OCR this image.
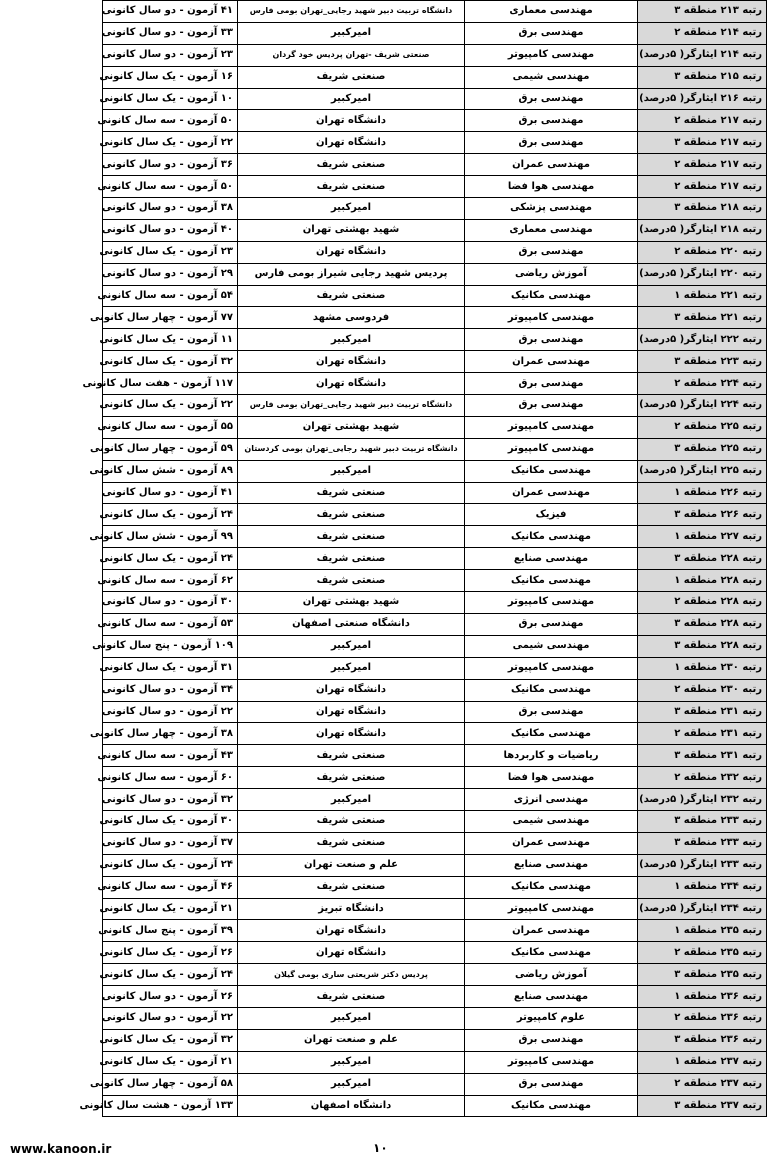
۴۱ آزمون - دو سال کانونی	دانشگاه تربیت دبیر شهید رجایی_تهران بومی فارس	مهندسی معماری	رتبه ۲۱۳ منطقه ۳
۳۳ آزمون - دو سال کانونی	امیرکبیر	مهندسی برق	رتبه ۲۱۴ منطقه ۲
۲۳ آزمون - دو سال کانونی	صنعتی شریف -تهران پردیس خود گردان	مهندسی کامپیوتر	رتبه ۲۱۴ ایثارگر( ۵درصد)
۱۶ آزمون - یک سال کانونی	صنعتی شریف	مهندسی شیمی	رتبه ۲۱۵ منطقه ۳
۱۰ آزمون - یک سال کانونی	امیرکبیر	مهندسی برق	رتبه ۲۱۶ ایثارگر( ۵درصد)
۵۰ آزمون - سه سال کانونی	دانشگاه تهران	مهندسی برق	رتبه ۲۱۷ منطقه ۲
۲۲ آزمون - یک سال کانونی	دانشگاه تهران	مهندسی برق	رتبه ۲۱۷ منطقه ۳
۳۶ آزمون - دو سال کانونی	صنعتی شریف	مهندسی عمران	رتبه ۲۱۷ منطقه ۲
۵۰ آزمون - سه سال کانونی	صنعتی شریف	مهندسی هوا فضا	رتبه ۲۱۷ منطقه ۲
۳۸ آزمون - دو سال کانونی	امیرکبیر	مهندسی پزشکی	رتبه ۲۱۸ منطقه ۳
۴۰ آزمون - دو سال کانونی	شهید بهشتی تهران	مهندسی معماری	رتبه ۲۱۸ ایثارگر( ۵درصد)
۲۳ آزمون - یک سال کانونی	دانشگاه تهران	مهندسی برق	رتبه ۲۲۰ منطقه ۲
۲۹ آزمون - دو سال کانونی	پردیس شهید رجایی شیراز بومی فارس	آموزش ریاضی	رتبه ۲۲۰ ایثارگر( ۵درصد)
۵۴ آزمون - سه سال کانونی	صنعتی شریف	مهندسی مکانیک	رتبه ۲۲۱ منطقه ۱
۷۷ آزمون - چهار سال کانونی	فردوسی مشهد	مهندسی کامپیوتر	رتبه ۲۲۱ منطقه ۳
۱۱ آزمون - یک سال کانونی	امیرکبیر	مهندسی برق	رتبه ۲۲۲ ایثارگر( ۵درصد)
۳۲ آزمون - یک سال کانونی	دانشگاه تهران	مهندسی عمران	رتبه ۲۲۳ منطقه ۳
۱۱۷ آزمون - هفت سال کانونی	دانشگاه تهران	مهندسی برق	رتبه ۲۲۴ منطقه ۲
۲۲ آزمون - یک سال کانونی	دانشگاه تربیت دبیر شهید رجایی_تهران بومی فارس	مهندسی برق	رتبه ۲۲۴ ایثارگر( ۵درصد)
۵۵ آزمون - سه سال کانونی	شهید بهشتی تهران	مهندسی کامپیوتر	رتبه ۲۲۵ منطقه ۲
۵۹ آزمون - چهار سال کانونی	دانشگاه تربیت دبیر شهید رجایی_تهران بومی کردستان	مهندسی کامپیوتر	رتبه ۲۲۵ منطقه ۳
۸۹ آزمون - شش سال کانونی	امیرکبیر	مهندسی مکانیک	رتبه ۲۲۵ ایثارگر( ۵درصد)
۴۱ آزمون - دو سال کانونی	صنعتی شریف	مهندسی عمران	رتبه ۲۲۶ منطقه ۱
۲۴ آزمون - یک سال کانونی	صنعتی شریف	فیزیک	رتبه ۲۲۶ منطقه ۳
۹۹ آزمون - شش سال کانونی	صنعتی شریف	مهندسی مکانیک	رتبه ۲۲۷ منطقه ۱
۲۴ آزمون - یک سال کانونی	صنعتی شریف	مهندسی صنایع	رتبه ۲۲۸ منطقه ۳
۶۲ آزمون - سه سال کانونی	صنعتی شریف	مهندسی مکانیک	رتبه ۲۲۸ منطقه ۱
۳۰ آزمون - دو سال کانونی	شهید بهشتی تهران	مهندسی کامپیوتر	رتبه ۲۲۸ منطقه ۲
۵۳ آزمون - سه سال کانونی	دانشگاه صنعتی اصفهان	مهندسی برق	رتبه ۲۲۸ منطقه ۳
۱۰۹ آزمون - پنج سال کانونی	امیرکبیر	مهندسی شیمی	رتبه ۲۲۸ منطقه ۳
۳۱ آزمون - یک سال کانونی	امیرکبیر	مهندسی کامپیوتر	رتبه ۲۳۰ منطقه ۱
۳۴ آزمون - دو سال کانونی	دانشگاه تهران	مهندسی مکانیک	رتبه ۲۳۰ منطقه ۲
۲۲ آزمون - دو سال کانونی	دانشگاه تهران	مهندسی برق	رتبه ۲۳۱ منطقه ۳
۳۸ آزمون - چهار سال کانونی	دانشگاه تهران	مهندسی مکانیک	رتبه ۲۳۱ منطقه ۲
۴۳ آزمون - سه سال کانونی	صنعتی شریف	ریاضیات و کاربردها	رتبه ۲۳۱ منطقه ۳
۶۰ آزمون - سه سال کانونی	صنعتی شریف	مهندسی هوا فضا	رتبه ۲۳۲ منطقه ۲
۳۲ آزمون - دو سال کانونی	امیرکبیر	مهندسی انرژی	رتبه ۲۳۲ ایثارگر( ۵درصد)
۳۰ آزمون - یک سال کانونی	صنعتی شریف	مهندسی شیمی	رتبه ۲۳۳ منطقه ۳
۳۷ آزمون - دو سال کانونی	صنعتی شریف	مهندسی عمران	رتبه ۲۳۳ منطقه ۳
۲۴ آزمون - یک سال کانونی	علم و صنعت تهران	مهندسی صنایع	رتبه ۲۳۳ ایثارگر( ۵درصد)
۴۶ آزمون - سه سال کانونی	صنعتی شریف	مهندسی مکانیک	رتبه ۲۳۴ منطقه ۱
۲۱ آزمون - یک سال کانونی	دانشگاه تبریز	مهندسی کامپیوتر	رتبه ۲۳۴ ایثارگر( ۵درصد)
۳۹ آزمون - پنج سال کانونی	دانشگاه تهران	مهندسی عمران	رتبه ۲۳۵ منطقه ۱
۲۶ آزمون - یک سال کانونی	دانشگاه تهران	مهندسی مکانیک	رتبه ۲۳۵ منطقه ۲
۲۴ آزمون - یک سال کانونی	پردیس دکتر شریعتی ساری بومی گیلان	آموزش ریاضی	رتبه ۲۳۵ منطقه ۳
۲۶ آزمون - دو سال کانونی	صنعتی شریف	مهندسی صنایع	رتبه ۲۳۶ منطقه ۱
۲۲ آزمون - دو سال کانونی	امیرکبیر	علوم کامپیوتر	رتبه ۲۳۶ منطقه ۲
۳۲ آزمون - یک سال کانونی	علم و صنعت تهران	مهندسی برق	رتبه ۲۳۶ منطقه ۳
۲۱ آزمون - یک سال کانونی	امیرکبیر	مهندسی کامپیوتر	رتبه ۲۳۷ منطقه ۱
۵۸ آزمون - چهار سال کانونی	امیرکبیر	مهندسی برق	رتبه ۲۳۷ منطقه ۲
۱۳۳ آزمون - هشت سال کانونی	دانشگاه اصفهان	مهندسی مکانیک	رتبه ۲۳۷ منطقه ۳
www.kanoon.ir	۱۰
